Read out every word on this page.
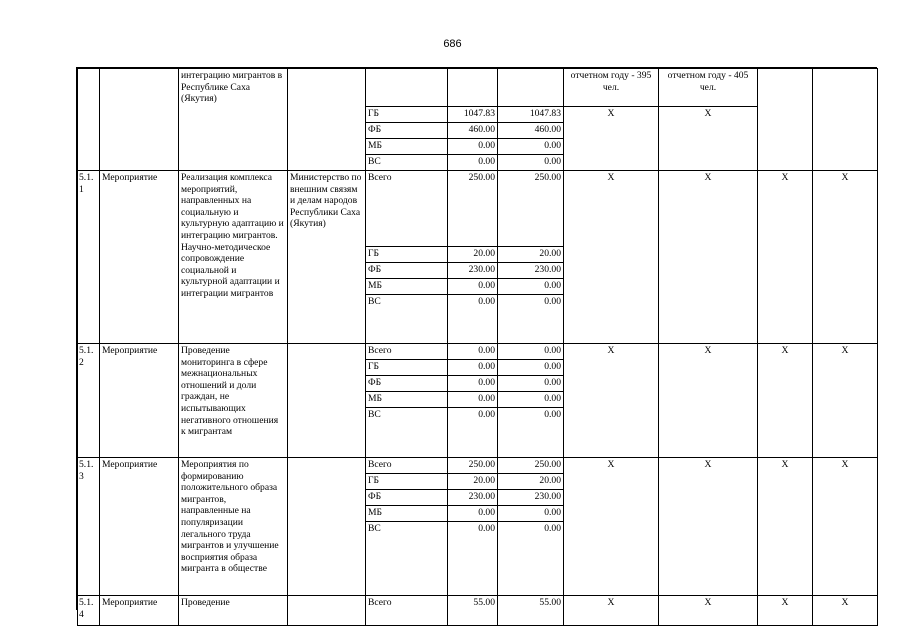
686
		интеграцию мигрантов в Республике Саха (Якутия)					отчетном году - 395 чел.	отчетном году - 405 чел.		
				ГБ	1047.83	1047.83	X	X		
				ФБ	460.00	460.00				
				МБ	0.00	0.00				
				ВС	0.00	0.00				
5.1.1	Мероприятие	Реализация комплекса мероприятий, направленных на социальную и культурную адаптацию и интеграцию мигрантов. Научно-методическое сопровождение социальной и культурной адаптации и интеграции мигрантов	Министерство по внешним связям и делам народов Республики Саха (Якутия)	Всего	250.00	250.00	X	X	X	X
				ГБ	20.00	20.00				
				ФБ	230.00	230.00				
				МБ	0.00	0.00				
				ВС	0.00	0.00				
5.1.2	Мероприятие	Проведение мониторинга в сфере межнациональных отношений и доли граждан, не испытывающих негативного отношения к мигрантам		Всего	0.00	0.00	X	X	X	X
				ГБ	0.00	0.00				
				ФБ	0.00	0.00				
				МБ	0.00	0.00				
				ВС	0.00	0.00				
5.1.3	Мероприятие	Мероприятия по формированию положительного образа мигрантов, направленные на популяризации легального труда мигрантов и улучшение восприятия образа мигранта в обществе		Всего	250.00	250.00	X	X	X	X
				ГБ	20.00	20.00				
				ФБ	230.00	230.00				
				МБ	0.00	0.00				
				ВС	0.00	0.00				
5.1.4	Мероприятие	Проведение		Всего	55.00	55.00	X	X	X	X
